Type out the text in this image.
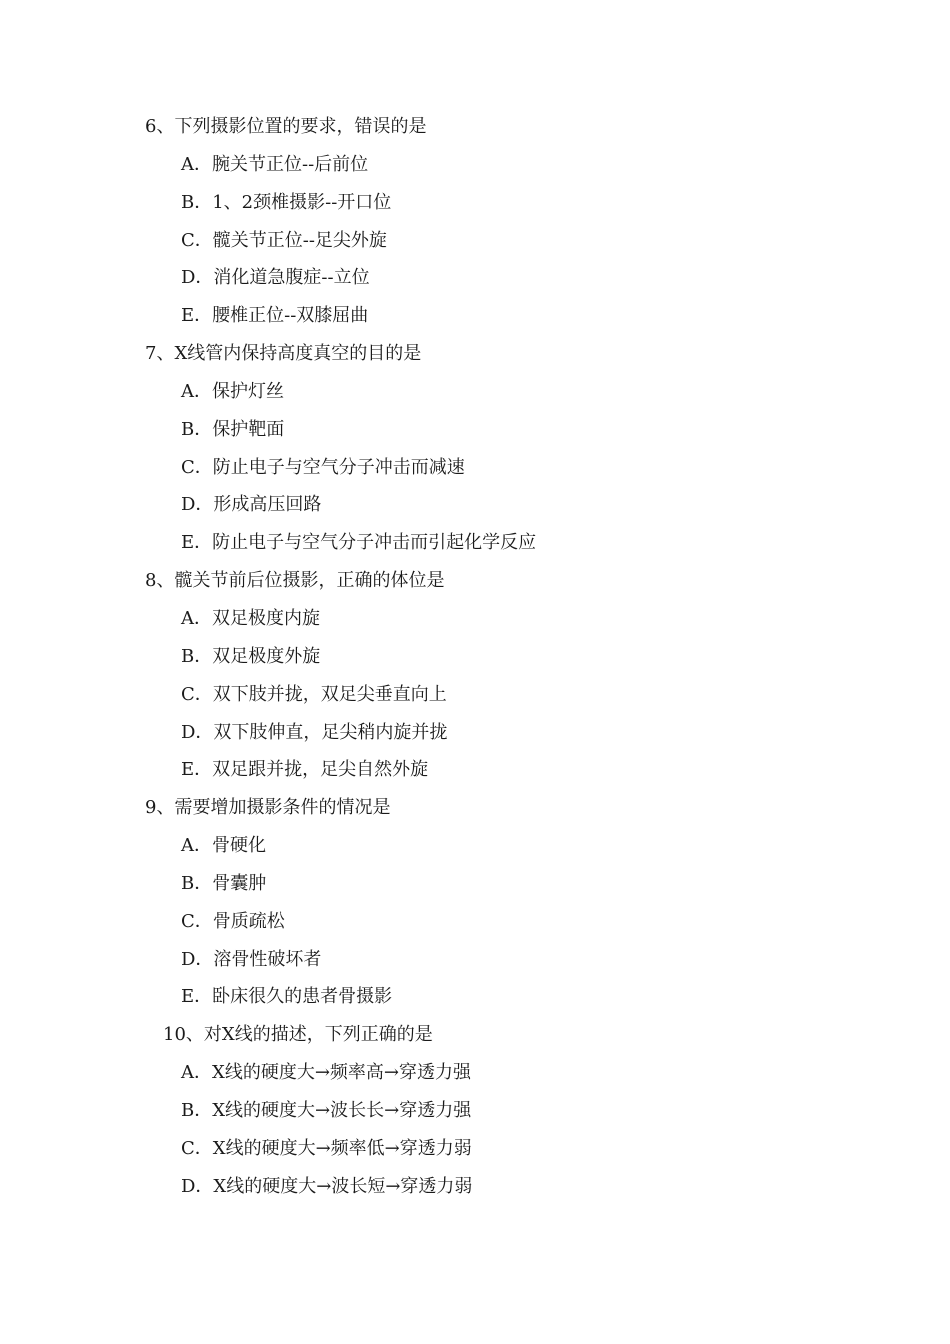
6、下列摄影位置的要求，错误的是
A．腕关节正位--后前位
B．1、2颈椎摄影--开口位
C．髋关节正位--足尖外旋
D．消化道急腹症--立位
E．腰椎正位--双膝屈曲
7、X线管内保持高度真空的目的是
A．保护灯丝
B．保护靶面
C．防止电子与空气分子冲击而减速
D．形成高压回路
E．防止电子与空气分子冲击而引起化学反应
8、髋关节前后位摄影，正确的体位是
A．双足极度内旋
B．双足极度外旋
C．双下肢并拢，双足尖垂直向上
D．双下肢伸直，足尖稍内旋并拢
E．双足跟并拢，足尖自然外旋
9、需要增加摄影条件的情况是
A．骨硬化
B．骨囊肿
C．骨质疏松
D．溶骨性破坏者
E．卧床很久的患者骨摄影
10、对X线的描述，下列正确的是
A．X线的硬度大→频率高→穿透力强
B．X线的硬度大→波长长→穿透力强
C．X线的硬度大→频率低→穿透力弱
D．X线的硬度大→波长短→穿透力弱
